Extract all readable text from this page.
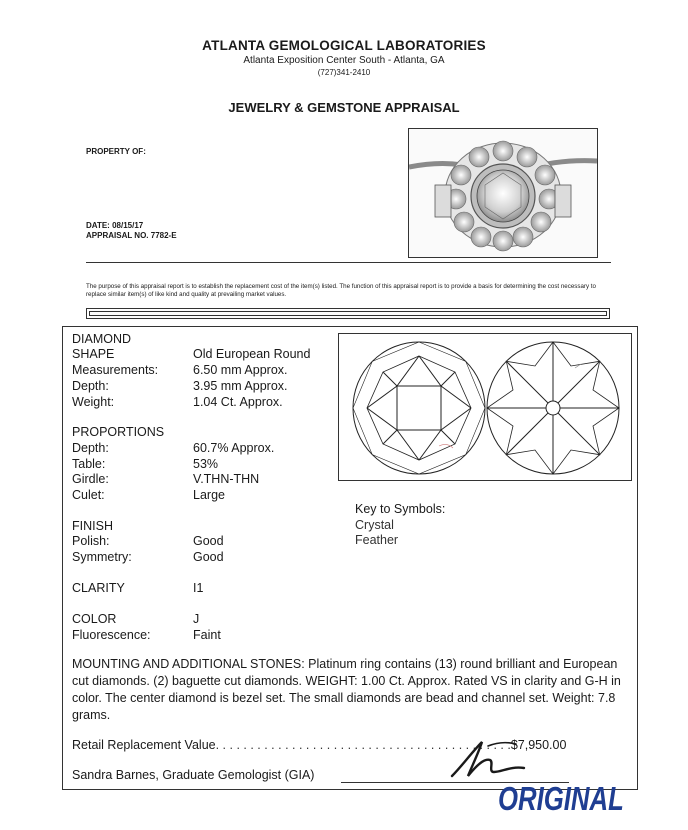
ATLANTA GEMOLOGICAL LABORATORIES
Atlanta Exposition Center South - Atlanta, GA
(727)341-2410
JEWELRY & GEMSTONE APPRAISAL
PROPERTY OF:
DATE: 08/15/17
APPRAISAL NO. 7782-E
The purpose of this appraisal report is to establish the replacement cost of the item(s) listed. The function of this appraisal report is to provide a basis for determining the cost necessary to replace similar item(s) of like kind and quality at prevailing market values.
DIAMOND
SHAPE	Old European Round
Measurements:	6.50 mm Approx.
Depth:	3.95 mm Approx.
Weight:	1.04 Ct. Approx.
PROPORTIONS
Depth:	60.7% Approx.
Table:	53%
Girdle:	V.THN-THN
Culet:	Large
FINISH
Polish:	Good
Symmetry:	Good
CLARITY	I1
COLOR	J
Fluorescence:	Faint
Key to Symbols:
Crystal
Feather
MOUNTING AND ADDITIONAL STONES: Platinum ring contains (13) round brilliant and European cut diamonds. (2) baguette cut diamonds. WEIGHT: 1.00 Ct. Approx. Rated VS in clarity and G-H in color. The center diamond is bezel set. The small diamonds are bead and channel set. Weight: 7.8 grams.
Retail Replacement Value. . . . . . . . . . . . . . . . . . . . . . . . . . . . . . . . . . . . . . . . . . .$7,950.00
Sandra Barnes, Graduate Gemologist (GIA)
ORIGINAL
